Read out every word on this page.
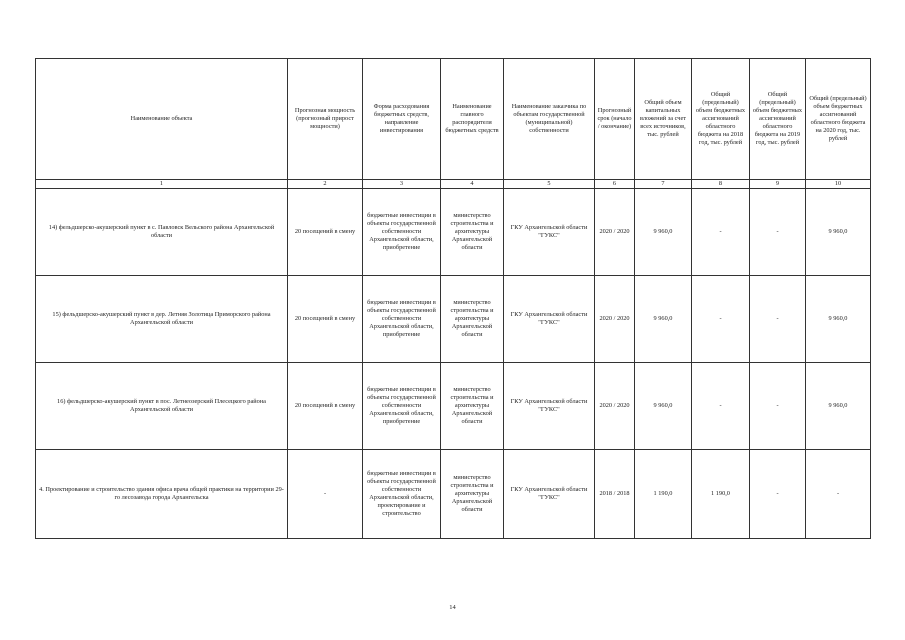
Наименование объекта	Прогнозная мощность (прогнозный прирост мощности)	Форма расходования бюджетных средств, направление инвестирования	Наименование главного распорядителя бюджетных средств	Наименование заказчика по объектам государственной (муниципальной) собственности	Прогнозный срок (начало / окончание)	Общий объем капитальных вложений за счет всех источников, тыс. рублей	Общий (предельный) объем бюджетных ассигнований областного бюджета на 2018 год, тыс. рублей	Общий (предельный) объем бюджетных ассигнований областного бюджета на 2019 год, тыс. рублей	Общий (предельный) объем бюджетных ассигнований областного бюджета на 2020 год, тыс. рублей
1	2	3	4	5	6	7	8	9	10
14) фельдшерско-акушерский пункт в с. Павловск Вельского района Архангельской области	20 посещений в смену	бюджетные инвестиции в объекты государственной собственности Архангельской области, приобретение	министерство строительства и архитектуры Архангельской области	ГКУ Архангельской области "ГУКС"	2020 / 2020	9 960,0	-	-	9 960,0
15) фельдшерско-акушерский пункт в дер. Летняя Золотица Приморского района Архангельской области	20 посещений в смену	бюджетные инвестиции в объекты государственной собственности Архангельской области, приобретение	министерство строительства и архитектуры Архангельской области	ГКУ Архангельской области "ГУКС"	2020 / 2020	9 960,0	-	-	9 960,0
16) фельдшерско-акушерский пункт в пос. Летнеозерский Плесецкого района Архангельской области	20 посещений в смену	бюджетные инвестиции в объекты государственной собственности Архангельской области, приобретение	министерство строительства и архитектуры Архангельской области	ГКУ Архангельской области "ГУКС"	2020 / 2020	9 960,0	-	-	9 960,0
4. Проектирование и строительство здания офиса врача общей практики на территории 29-го лесозавода города Архангельска	-	бюджетные инвестиции в объекты государственной собственности Архангельской области, проектирование и строительство	министерство строительства и архитектуры Архангельской области	ГКУ Архангельской области "ГУКС"	2018 / 2018	1 190,0	1 190,0	-	-
14
